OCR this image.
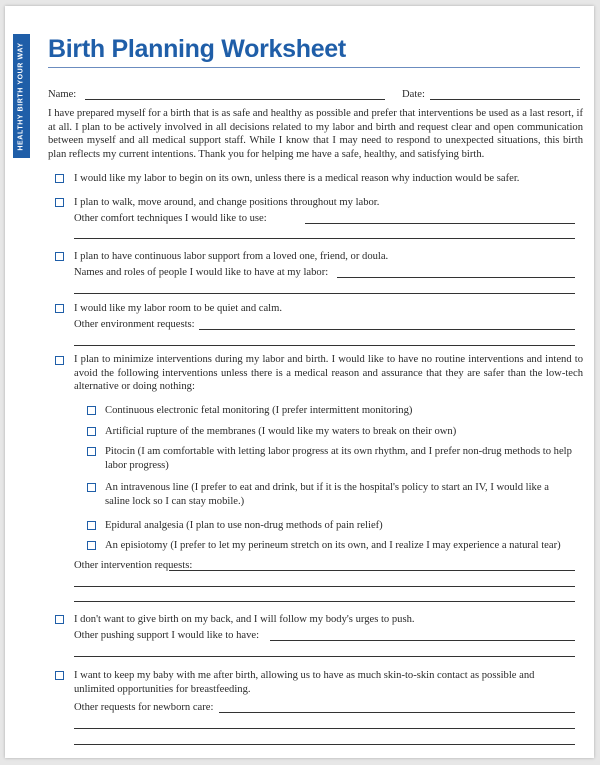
HEALTHY BIRTH YOUR WAY Birth Planning Worksheet
Name:	Date:
I have prepared myself for a birth that is as safe and healthy as possible and prefer that interventions be used as a last resort, if at all. I plan to be actively involved in all decisions related to my labor and birth and request clear and open communication between myself and all medical support staff. While I know that I may need to respond to unexpected situations, this birth plan reflects my current intentions. Thank you for helping me have a safe, healthy, and satisfying birth.
I would like my labor to begin on its own, unless there is a medical reason why induction would be safer.
I plan to walk, move around, and change positions throughout my labor.
Other comfort techniques I would like to use:
I plan to have continuous labor support from a loved one, friend, or doula.
Names and roles of people I would like to have at my labor:
I would like my labor room to be quiet and calm.
Other environment requests:
I plan to minimize interventions during my labor and birth. I would like to have no routine interventions and intend to avoid the following interventions unless there is a medical reason and assurance that they are safer than the low-tech alternative or doing nothing:
Continuous electronic fetal monitoring (I prefer intermittent monitoring)
Artificial rupture of the membranes (I would like my waters to break on their own)
Pitocin (I am comfortable with letting labor progress at its own rhythm, and I prefer non-drug methods to help labor progress)
An intravenous line (I prefer to eat and drink, but if it is the hospital's policy to start an IV, I would like a saline lock so I can stay mobile.)
Epidural analgesia (I plan to use non-drug methods of pain relief)
An episiotomy (I prefer to let my perineum stretch on its own, and I realize I may experience a natural tear)
Other intervention requests:
I don't want to give birth on my back, and I will follow my body's urges to push.
Other pushing support I would like to have:
I want to keep my baby with me after birth, allowing us to have as much skin-to-skin contact as possible and unlimited opportunities for breastfeeding.
Other requests for newborn care:
